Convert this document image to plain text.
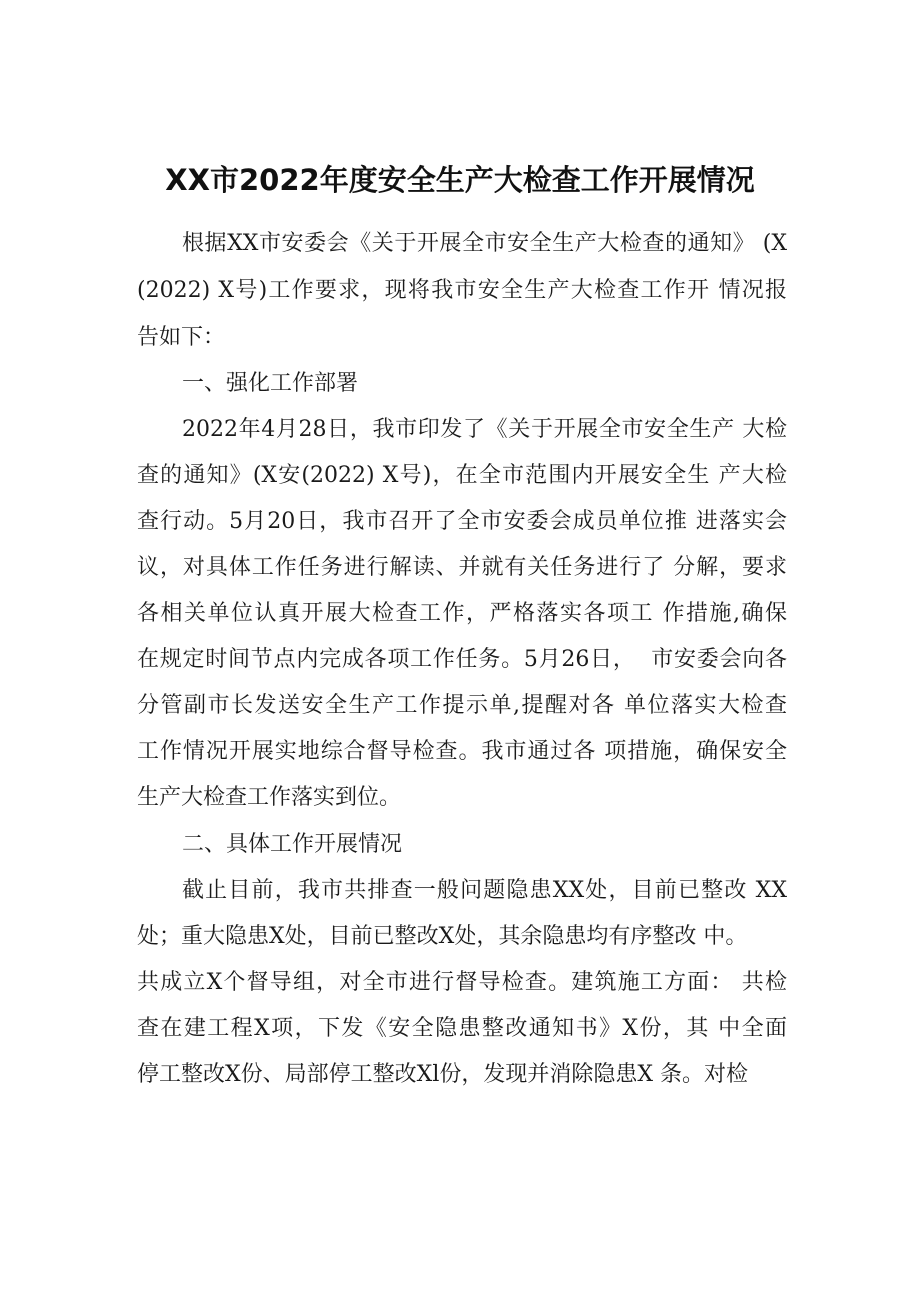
XX市2022年度安全生产大检查工作开展情况
根据XX市安委会《关于开展全市安全生产大检查的通知》 (X
(2022) X号)工作要求，现将我市安全生产大检查工作开 情况报
告如下：
一、强化工作部署
2022年4月28日，我市印发了《关于开展全市安全生产 大检
查的通知》(X安(2022) X号)，在全市范围内开展安全生 产大检
查行动。5月20日，我市召开了全市安委会成员单位推 进落实会
议，对具体工作任务进行解读、并就有关任务进行了 分解，要求
各相关单位认真开展大检查工作，严格落实各项工 作措施,确保
在规定时间节点内完成各项工作任务。5月26日，  市安委会向各
分管副市长发送安全生产工作提示单,提醒对各 单位落实大检查
工作情况开展实地综合督导检查。我市通过各 项措施，确保安全
生产大检查工作落实到位。
二、具体工作开展情况
截止目前，我市共排查一般问题隐患XX处，目前已整改 XX
处；重大隐患X处，目前已整改X处，其余隐患均有序整改 中。
共成立X个督导组，对全市进行督导检查。建筑施工方面： 共检
查在建工程X项，下发《安全隐患整改通知书》X份，其 中全面
停工整改X份、局部停工整改Xl份，发现并消除隐患X 条。对检
